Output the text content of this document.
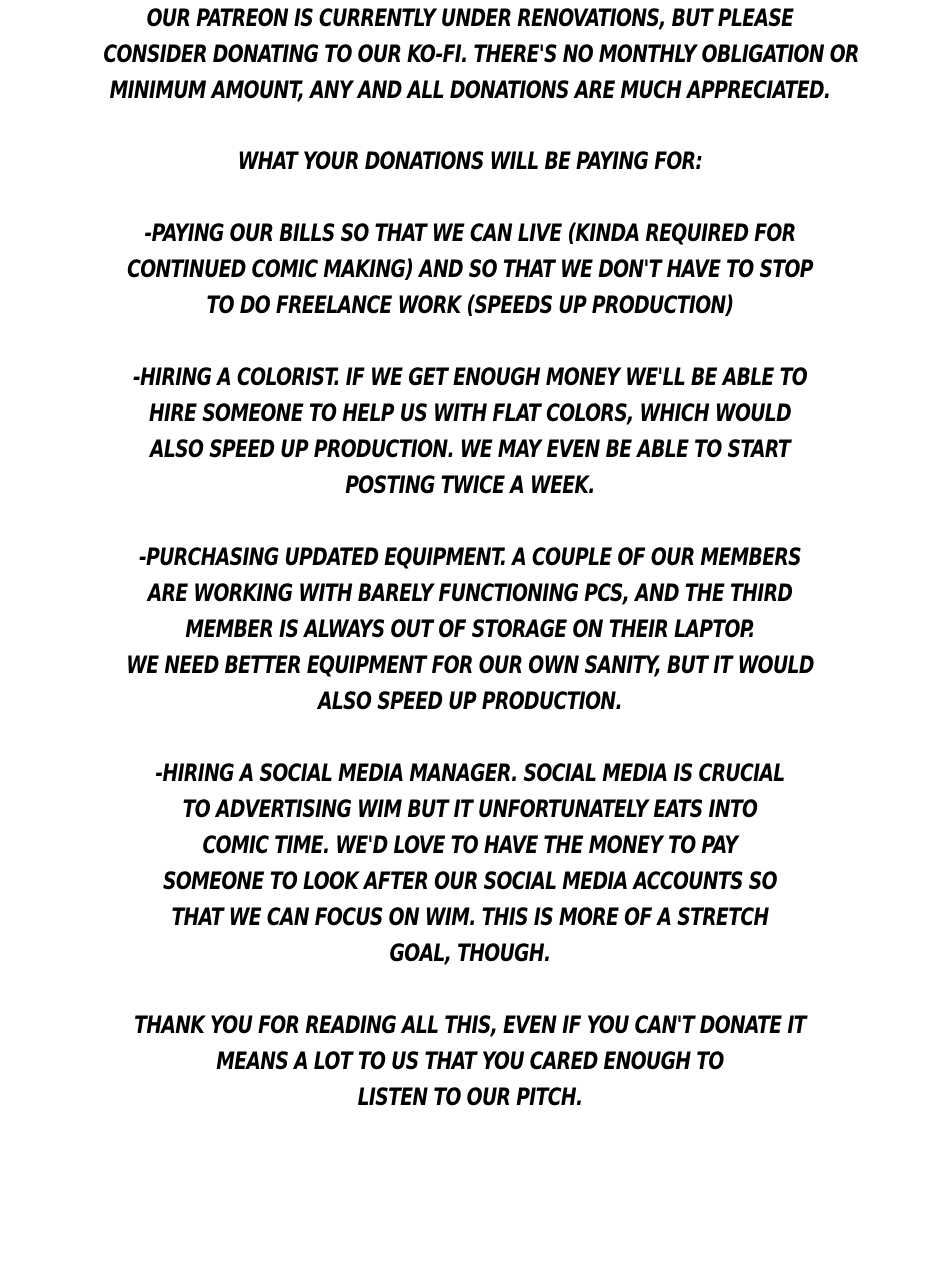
OUR PATREON IS CURRENTLY UNDER RENOVATIONS, BUT PLEASE
CONSIDER DONATING TO OUR KO-FI. THERE'S NO MONTHLY OBLIGATION OR
MINIMUM AMOUNT, ANY AND ALL DONATIONS ARE MUCH APPRECIATED.
WHAT YOUR DONATIONS WILL BE PAYING FOR:
-PAYING OUR BILLS SO THAT WE CAN LIVE (KINDA REQUIRED FOR
CONTINUED COMIC MAKING) AND SO THAT WE DON'T HAVE TO STOP
TO DO FREELANCE WORK (SPEEDS UP PRODUCTION)
-HIRING A COLORIST. IF WE GET ENOUGH MONEY WE'LL BE ABLE TO
HIRE SOMEONE TO HELP US WITH FLAT COLORS, WHICH WOULD
ALSO SPEED UP PRODUCTION. WE MAY EVEN BE ABLE TO START
POSTING TWICE A WEEK.
-PURCHASING UPDATED EQUIPMENT. A COUPLE OF OUR MEMBERS
ARE WORKING WITH BARELY FUNCTIONING PCS, AND THE THIRD
MEMBER IS ALWAYS OUT OF STORAGE ON THEIR LAPTOP.
WE NEED BETTER EQUIPMENT FOR OUR OWN SANITY, BUT IT WOULD
ALSO SPEED UP PRODUCTION.
-HIRING A SOCIAL MEDIA MANAGER. SOCIAL MEDIA IS CRUCIAL
TO ADVERTISING WIM BUT IT UNFORTUNATELY EATS INTO
COMIC TIME. WE'D LOVE TO HAVE THE MONEY TO PAY
SOMEONE TO LOOK AFTER OUR SOCIAL MEDIA ACCOUNTS SO
THAT WE CAN FOCUS ON WIM. THIS IS MORE OF A STRETCH
GOAL, THOUGH.
THANK YOU FOR READING ALL THIS, EVEN IF YOU CAN'T DONATE IT
MEANS A LOT TO US THAT YOU CARED ENOUGH TO
LISTEN TO OUR PITCH.
